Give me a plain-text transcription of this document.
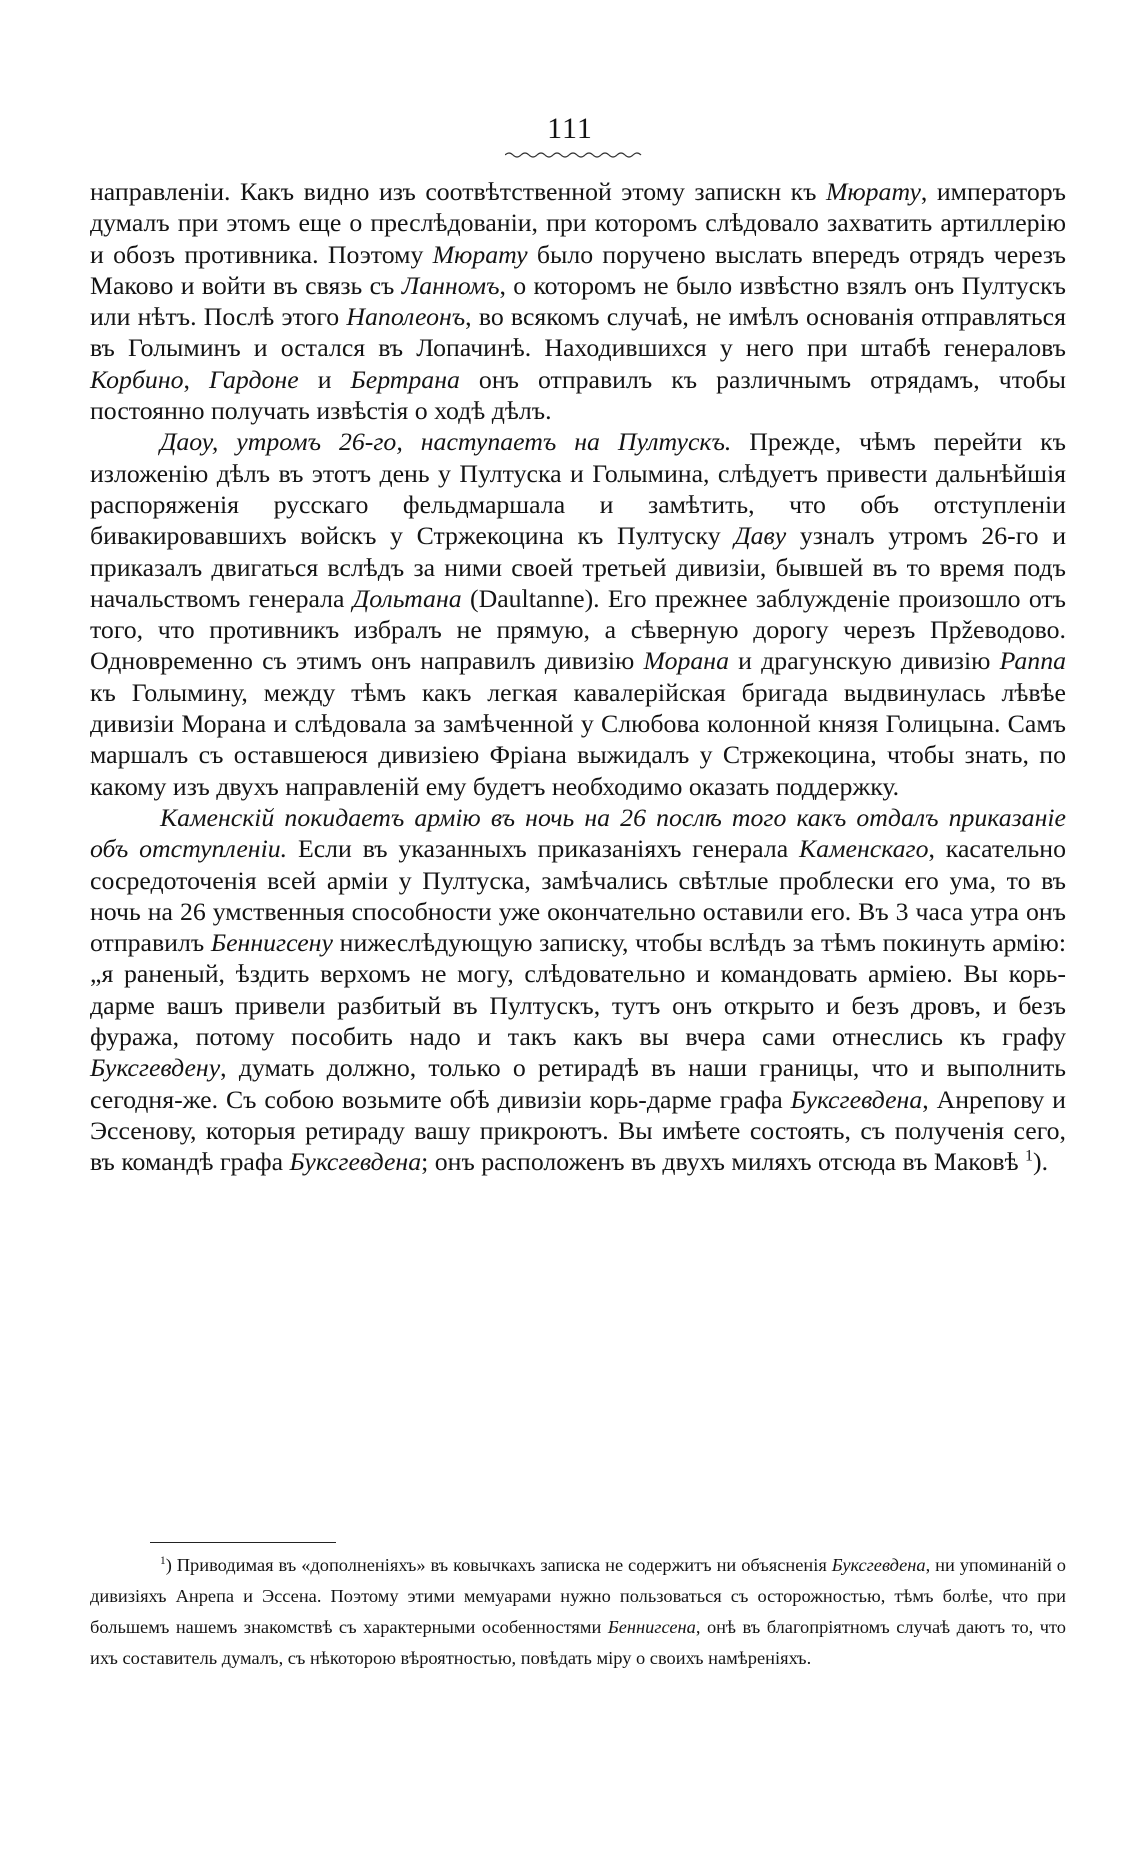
111

направленіи. Какъ видно изъ соотвѣтственной этому запискн къ Мюрату, императоръ думалъ при этомъ еще о преслѣдованіи, при которомъ слѣдовало захватить артиллерію и обозъ противника. Поэтому Мюрату было поручено выслать впередъ отрядъ черезъ Маково и войти въ связь съ Ланномъ, о которомъ не было извѣстно взялъ онъ Пултускъ или нѣтъ. Послѣ этого Наполеонъ, во всякомъ случаѣ, не имѣлъ основанія отправляться въ Голыминъ и остался въ Лопачинѣ. Находившихся у него при штабѣ генераловъ Корбино, Гардоне и Бертрана онъ отправилъ къ различнымъ отрядамъ, чтобы постоянно получать извѣстія о ходѣ дѣлъ.

Даоу, утромъ 26-го, наступаетъ на Пултускъ. Прежде, чѣмъ перейти къ изложенію дѣлъ въ этотъ день у Пултуска и Голымина, слѣдуетъ привести дальнѣйшія распоряженія русскаго фельдмаршала и замѣтить, что объ отступленіи бивакировавшихъ войскъ у Стржекоцина къ Пултуску Даву узналъ утромъ 26-го и приказалъ двигаться вслѣдъ за ними своей третьей дивизіи, бывшей въ то время подъ начальствомъ генерала Дольтана (Daultanne). Его прежнее заблужденіе произошло отъ того, что противникъ избралъ не прямую, а сѣверную дорогу черезъ Прžеводово. Одновременно съ этимъ онъ направилъ дивизію Морана и драгунскую дивизію Раппа къ Голымину, между тѣмъ какъ легкая кавалерійская бригада выдвинулась лѣвѣе дивизіи Морана и слѣдовала за замѣченной у Слюбова колонной князя Голицына. Самъ маршалъ съ оставшеюся дивизіею Фріана выжидалъ у Стржекоцина, чтобы знать, по какому изъ двухъ направленій ему будетъ необходимо оказать поддержку.

Каменскій покидаетъ армію въ ночь на 26 послѣ того какъ отдалъ приказаніе объ отступленіи. Если въ указанныхъ приказаніяхъ генерала Каменскаго, касательно сосредоточенія всей арміи у Пултуска, замѣчались свѣтлые проблески его ума, то въ ночь на 26 умственныя способности уже окончательно оставили его. Въ 3 часа утра онъ отправилъ Беннигсену нижеслѣдующую записку, чтобы вслѣдъ за тѣмъ покинуть армію: „я раненый, ѣздить верхомъ не могу, слѣдовательно и командовать арміею. Вы корь-дарме вашъ привели разбитый въ Пултускъ, тутъ онъ открыто и безъ дровъ, и безъ фуража, потому пособить надо и такъ какъ вы вчера сами отнеслись къ графу Буксгевдену, думать должно, только о ретирадѣ въ наши границы, что и выполнить сегодня-же. Съ собою возьмите обѣ дивизіи корь-дарме графа Буксгевдена, Анрепову и Эссенову, которыя ретираду вашу прикроютъ. Вы имѣете состоять, съ полученія сего, въ командѣ графа Буксгевдена; онъ расположенъ въ двухъ миляхъ отсюда въ Маковѣ $^1$).

$^1$) Приводимая въ «дополненіяхъ» въ ковычкахъ записка не содержитъ ни объясненія Буксгевдена, ни упоминаній о дивизіяхъ Анрепа и Эссена. Поэтому этими мемуарами нужно пользоваться съ осторожностью, тѣмъ болѣе, что при большемъ нашемъ знакомствѣ съ характерными особенностями Беннигсена, онѣ въ благопріятномъ случаѣ даютъ то, что ихъ составитель думалъ, съ нѣкоторою вѣроятностью, повѣдать міру о своихъ намѣреніяхъ.
